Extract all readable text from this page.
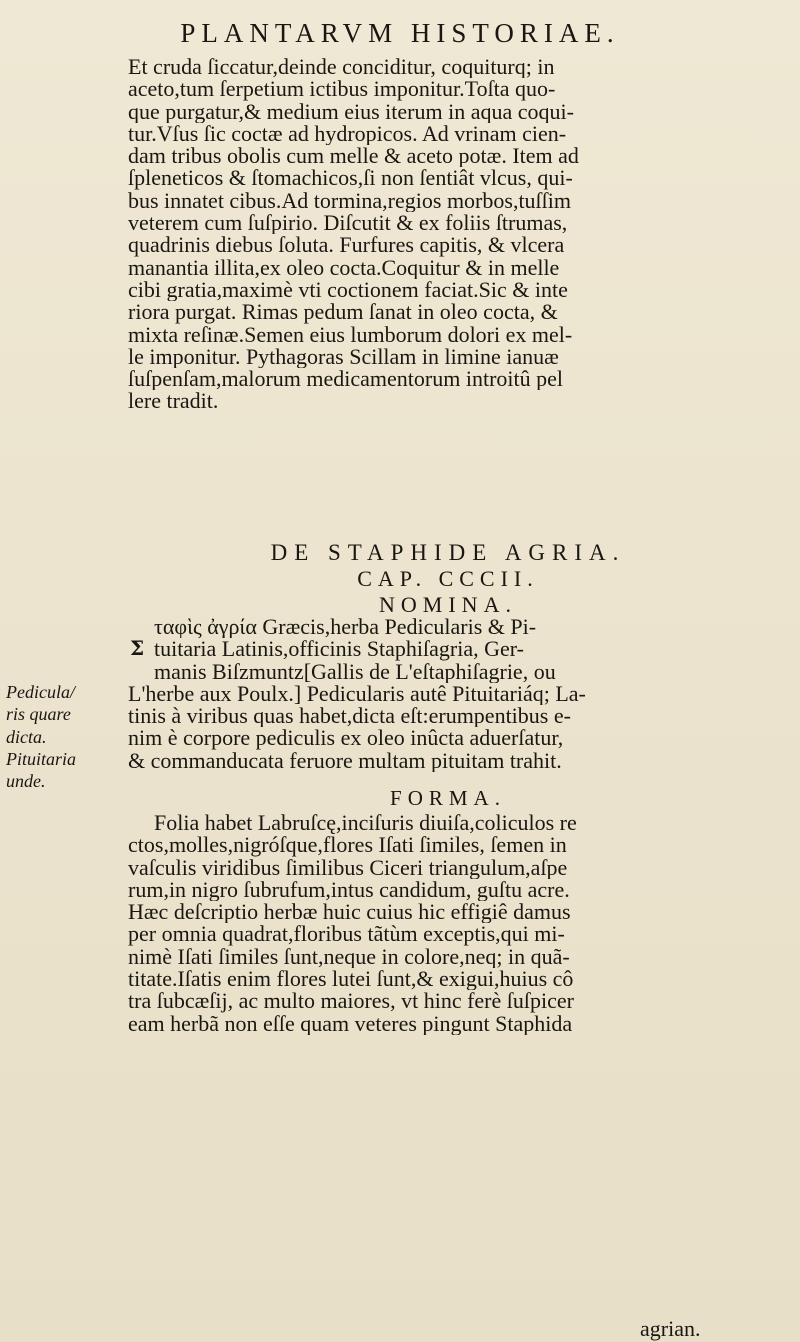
PLANTARVM HISTORIAE.
Et cruda ſiccatur,deinde conciditur, coquiturq; in
aceto,tum ſerpetium ictibus imponitur.Toſta quo-
que purgatur,& medium eius iterum in aqua coqui-
tur.Vſus ſic coctæ ad hydropicos. Ad vrinam cien-
dam tribus obolis cum melle & aceto potæ. Item ad
ſpleneticos & ſtomachicos,ſi non ſentiât vlcus, qui-
bus innatet cibus.Ad tormina,regios morbos,tuſſim
veterem cum ſuſpirio. Diſcutit & ex foliis ſtrumas,
quadrinis diebus ſoluta. Furfures capitis, & vlcera
manantia illita,ex oleo cocta.Coquitur & in melle
cibi gratia,maximè vti coctionem faciat.Sic & inte
riora purgat. Rimas pedum ſanat in oleo cocta, &
mixta reſinæ.Semen eius lumborum dolori ex mel-
le imponitur. Pythagoras Scillam in limine ianuæ
ſuſpenſam,malorum medicamentorum introitû pel
lere tradit.
DE STAPHIDE AGRIA.
CAP. CCCII.
NOMINA.
Σ
ταφὶς ἀγρία Græcis,herba Pedicularis & Pi-
tuitaria Latinis,officinis Staphiſagria, Ger-
manis Biſzmuntz[Gallis de L'eſtaphiſagrie, ou
L'herbe aux Poulx.] Pedicularis autê Pituitariáq; La-
tinis à viribus quas habet,dicta eſt:erumpentibus e-
nim è corpore pediculis ex oleo inûcta aduerſatur,
& commanducata feruore multam pituitam trahit.
Pedicula/
ris quare
dicta.
Pituitaria
unde.
FORMA.
Folia habet Labruſcę,inciſuris diuiſa,coliculos re
ctos,molles,nigróſque,flores Iſati ſimiles, ſemen in
vaſculis viridibus ſimilibus Ciceri triangulum,aſpe
rum,in nigro ſubrufum,intus candidum, guſtu acre.
Hæc deſcriptio herbæ huic cuius hic effigiê damus
per omnia quadrat,floribus tãtùm exceptis,qui mi-
nimè Iſati ſimiles ſunt,neque in colore,neq; in quã-
titate.Iſatis enim flores lutei ſunt,& exigui,huius cô
tra ſubcæſij, ac multo maiores, vt hinc ferè ſuſpicer
eam herbã non eſſe quam veteres pingunt Staphida
agrian.
